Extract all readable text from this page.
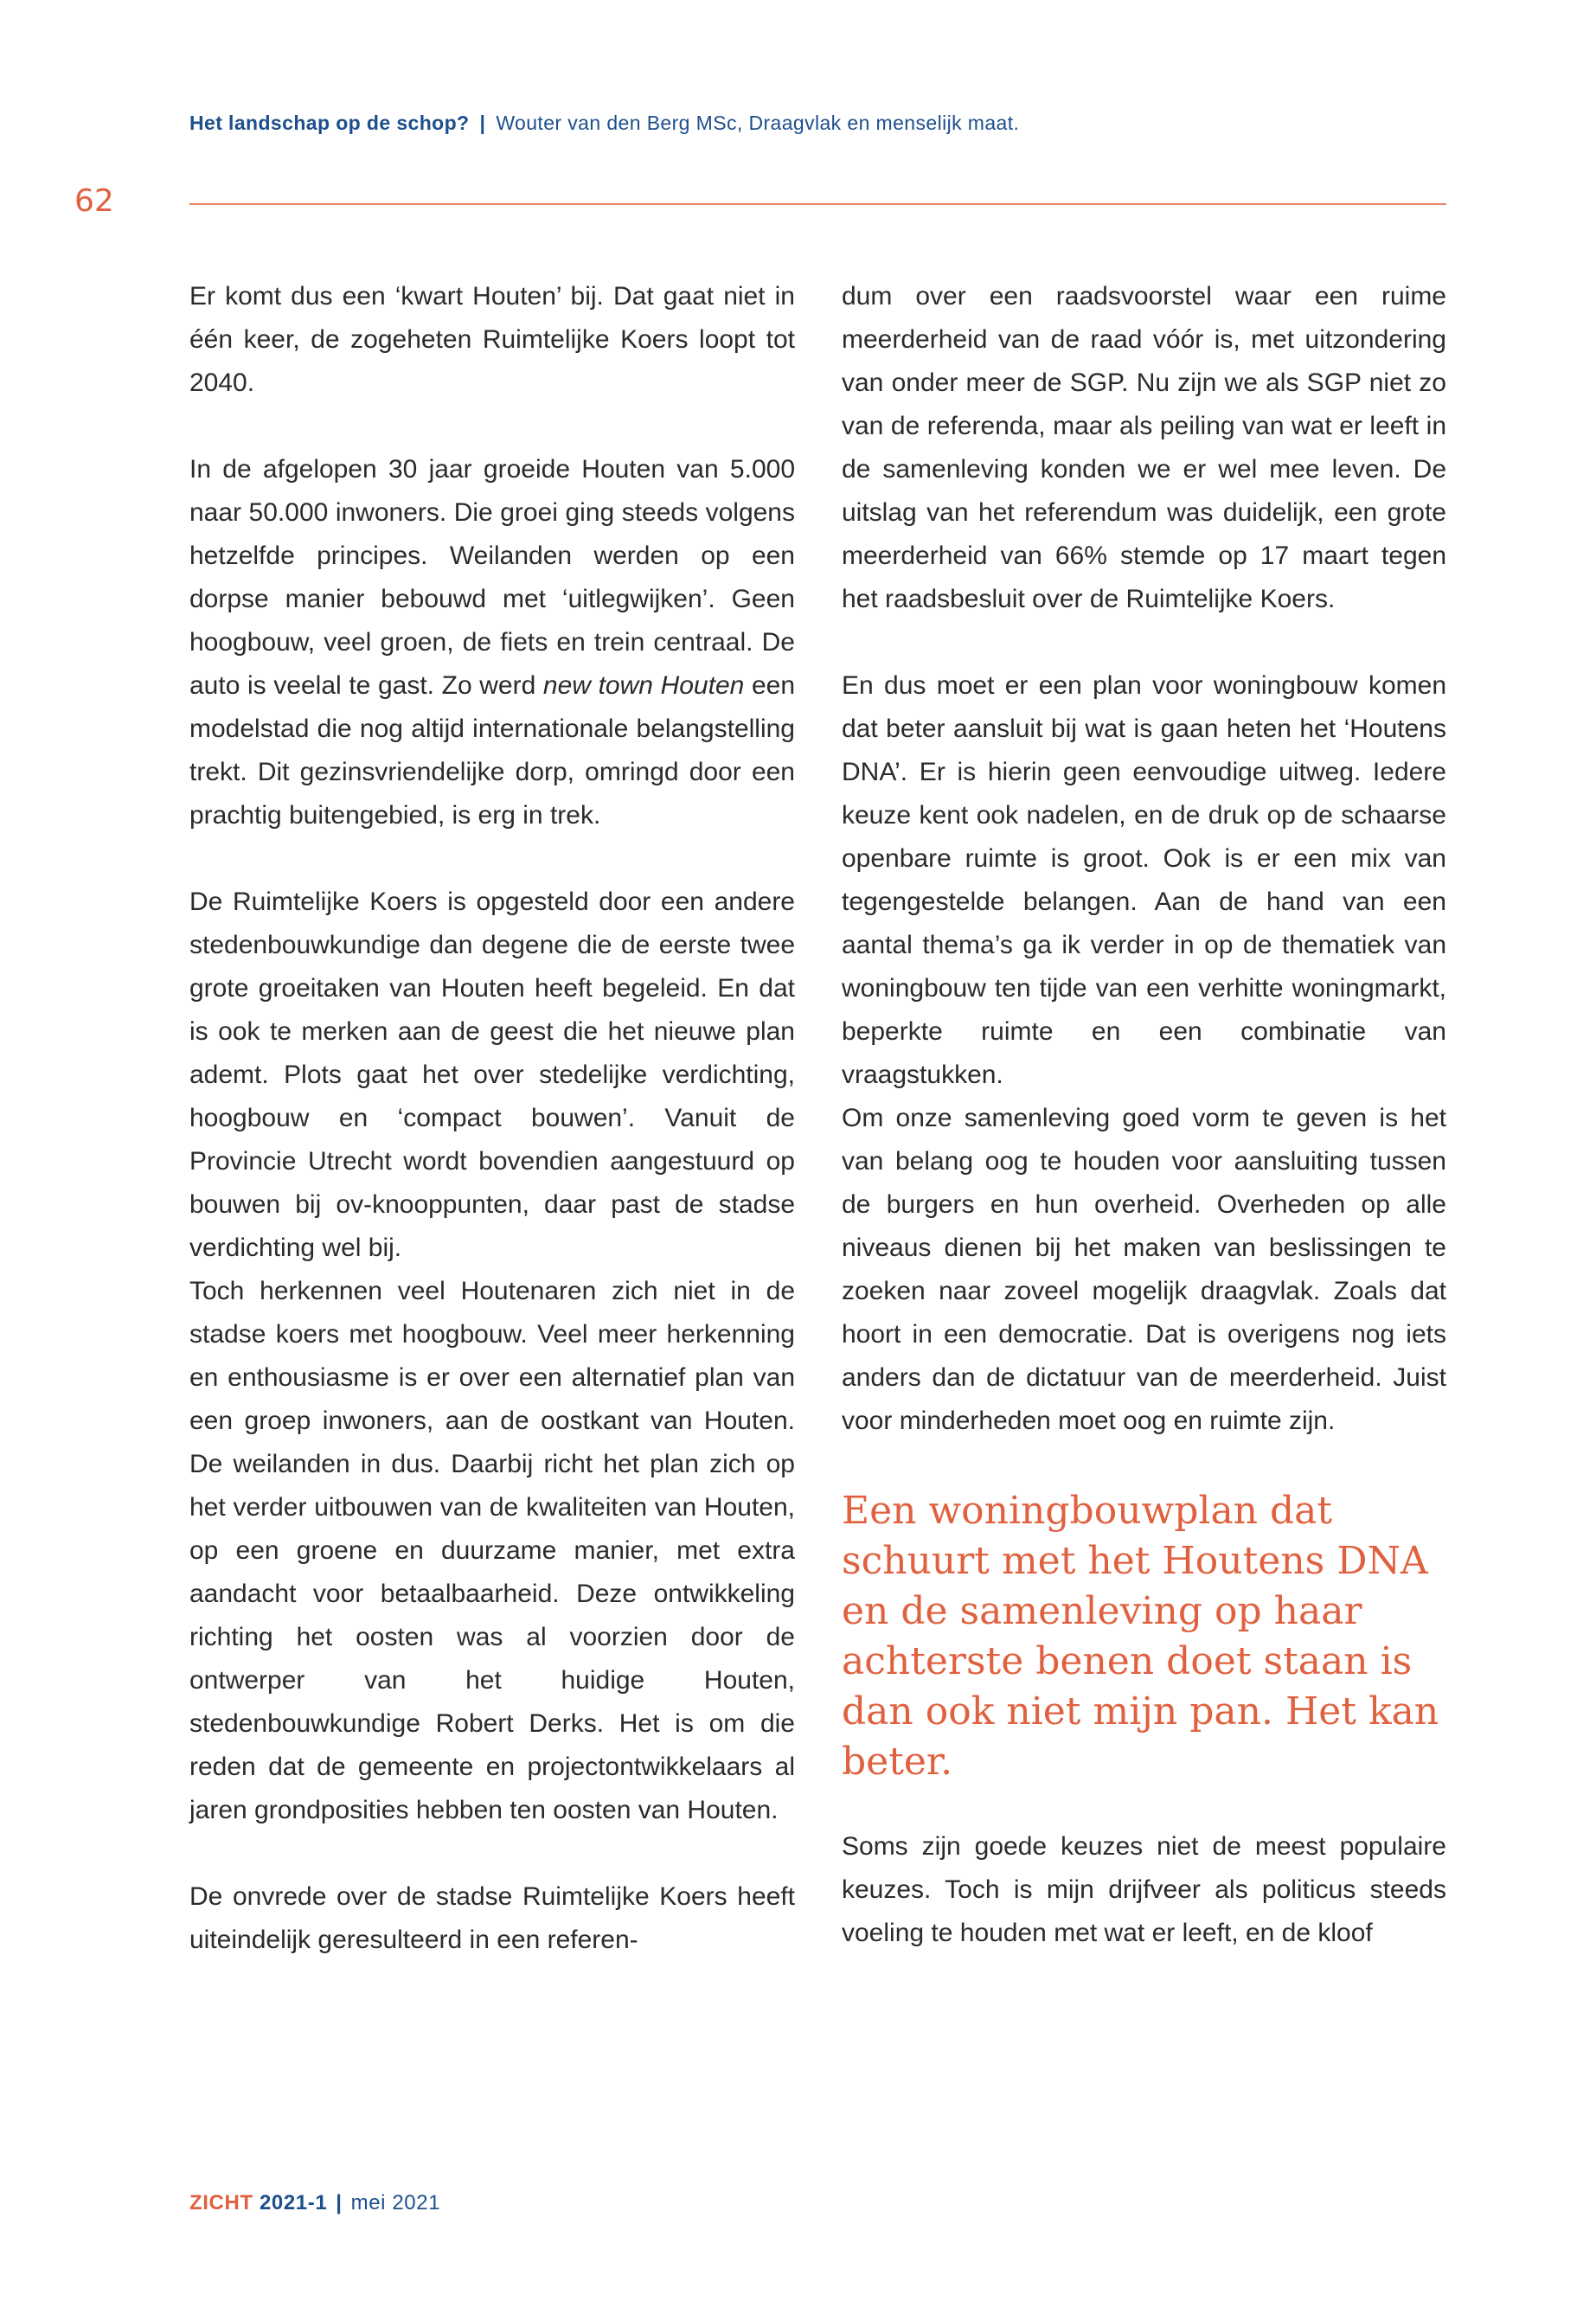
Het landschap op de schop? | Wouter van den Berg MSc, Draagvlak en menselijk maat.
62

Er komt dus een ‘kwart Houten’ bij. Dat gaat niet in één keer, de zogeheten Ruimtelijke Koers loopt tot 2040.

In de afgelopen 30 jaar groeide Houten van 5.000 naar 50.000 inwoners. Die groei ging steeds volgens hetzelfde principes. Weilanden werden op een dorpse manier bebouwd met ‘uitlegwijken’. Geen hoogbouw, veel groen, de fiets en trein centraal. De auto is veelal te gast. Zo werd new town Houten een modelstad die nog altijd internationale belangstelling trekt. Dit gezinsvriendelijke dorp, omringd door een prachtig buitengebied, is erg in trek.

De Ruimtelijke Koers is opgesteld door een andere stedenbouwkundige dan degene die de eerste twee grote groeitaken van Houten heeft begeleid. En dat is ook te merken aan de geest die het nieuwe plan ademt. Plots gaat het over stedelijke verdichting, hoogbouw en ‘compact bouwen’. Vanuit de Provincie Utrecht wordt bovendien aangestuurd op bouwen bij ov-knooppunten, daar past de stadse verdichting wel bij.

Toch herkennen veel Houtenaren zich niet in de stadse koers met hoogbouw. Veel meer herkenning en enthousiasme is er over een alternatief plan van een groep inwoners, aan de oostkant van Houten. De weilanden in dus. Daarbij richt het plan zich op het verder uitbouwen van de kwaliteiten van Houten, op een groene en duurzame manier, met extra aandacht voor betaalbaarheid. Deze ontwikkeling richting het oosten was al voorzien door de ontwerper van het huidige Houten, stedenbouwkundige Robert Derks. Het is om die reden dat de gemeente en projectontwikkelaars al jaren grondposities hebben ten oosten van Houten.

De onvrede over de stadse Ruimtelijke Koers heeft uiteindelijk geresulteerd in een referen-

dum over een raadsvoorstel waar een ruime meerderheid van de raad vóór is, met uitzondering van onder meer de SGP. Nu zijn we als SGP niet zo van de referenda, maar als peiling van wat er leeft in de samenleving konden we er wel mee leven. De uitslag van het referendum was duidelijk, een grote meerderheid van 66% stemde op 17 maart tegen het raadsbesluit over de Ruimtelijke Koers.

En dus moet er een plan voor woningbouw komen dat beter aansluit bij wat is gaan heten het ‘Houtens DNA’. Er is hierin geen eenvoudige uitweg. Iedere keuze kent ook nadelen, en de druk op de schaarse openbare ruimte is groot. Ook is er een mix van tegengestelde belangen. Aan de hand van een aantal thema’s ga ik verder in op de thematiek van woningbouw ten tijde van een verhitte woningmarkt, beperkte ruimte en een combinatie van vraagstukken.

Om onze samenleving goed vorm te geven is het van belang oog te houden voor aansluiting tussen de burgers en hun overheid. Overheden op alle niveaus dienen bij het maken van beslissingen te zoeken naar zoveel mogelijk draagvlak. Zoals dat hoort in een democratie. Dat is overigens nog iets anders dan de dictatuur van de meerderheid. Juist voor minderheden moet oog en ruimte zijn.

Een woningbouwplan dat schuurt met het Houtens DNA en de samenleving op haar achterste benen doet staan is dan ook niet mijn pan. Het kan beter.

Soms zijn goede keuzes niet de meest populaire keuzes. Toch is mijn drijfveer als politicus steeds voeling te houden met wat er leeft, en de kloof

ZICHT 2021-1 | mei 2021
